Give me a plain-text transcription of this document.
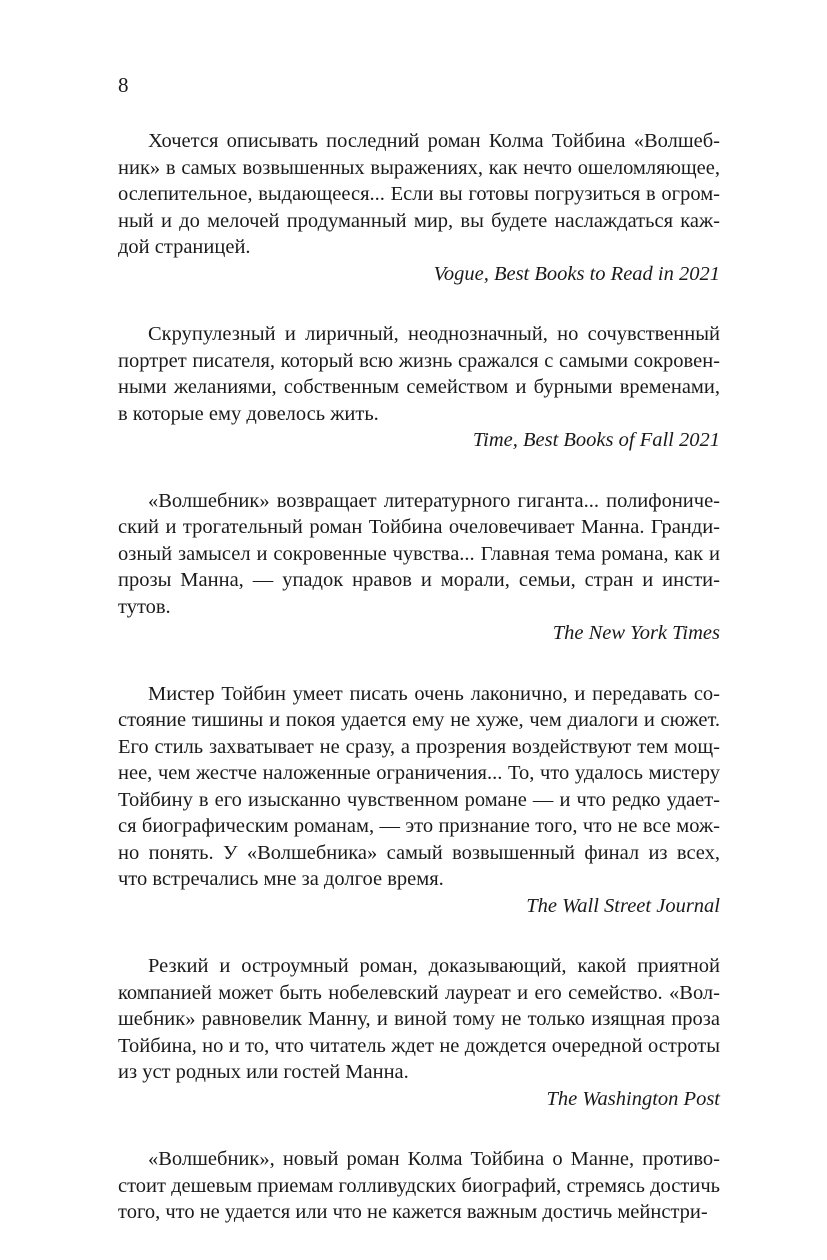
8

Хочется описывать последний роман Колма Тойбина «Волшебник» в самых возвышенных выражениях, как нечто ошеломляющее, ослепительное, выдающееся... Если вы готовы погрузиться в огромный и до мелочей продуманный мир, вы будете наслаждаться каждой страницей.

Vogue, Best Books to Read in 2021

Скрупулезный и лиричный, неоднозначный, но сочувственный портрет писателя, который всю жизнь сражался с самыми сокровенными желаниями, собственным семейством и бурными временами, в которые ему довелось жить.

Time, Best Books of Fall 2021

«Волшебник» возвращает литературного гиганта... полифонический и трогательный роман Тойбина очеловечивает Манна. Грандиозный замысел и сокровенные чувства... Главная тема романа, как и прозы Манна, — упадок нравов и морали, семьи, стран и институтов.

The New York Times

Мистер Тойбин умеет писать очень лаконично, и передавать состояние тишины и покоя удается ему не хуже, чем диалоги и сюжет. Его стиль захватывает не сразу, а прозрения воздействуют тем мощнее, чем жестче наложенные ограничения... То, что удалось мистеру Тойбину в его изысканно чувственном романе — и что редко удается биографическим романам, — это признание того, что не все можно понять. У «Волшебника» самый возвышенный финал из всех, что встречались мне за долгое время.

The Wall Street Journal

Резкий и остроумный роман, доказывающий, какой приятной компанией может быть нобелевский лауреат и его семейство. «Волшебник» равновелик Манну, и виной тому не только изящная проза Тойбина, но и то, что читатель ждет не дождется очередной остроты из уст родных или гостей Манна.

The Washington Post

«Волшебник», новый роман Колма Тойбина о Манне, противостоит дешевым приемам голливудских биографий, стремясь достичь того, что не удается или что не кажется важным достичь мейнстри-
